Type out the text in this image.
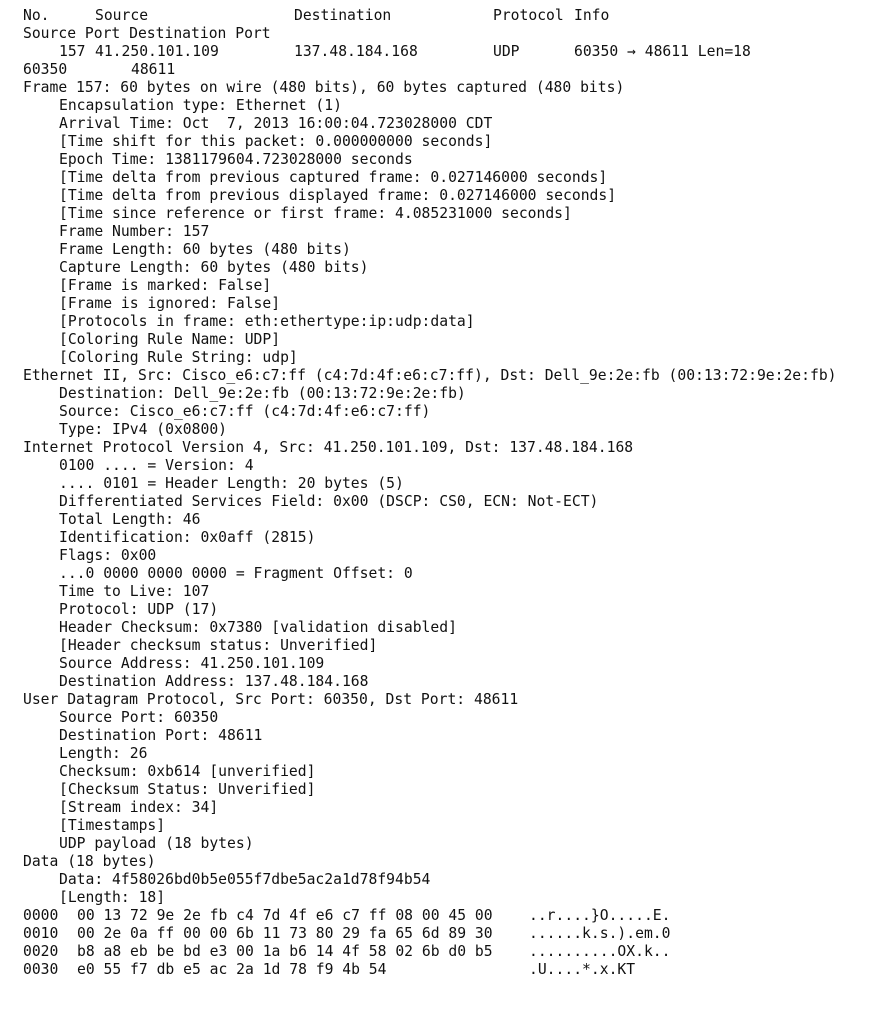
No.	Source	Destination	Protocol Info
Source Port Destination Port
157 41.250.101.109	137.48.184.168	UDP	60350 → 48611 Len=18
60350	48611
Frame 157: 60 bytes on wire (480 bits), 60 bytes captured (480 bits)
Encapsulation type: Ethernet (1)
Arrival Time: Oct  7, 2013 16:00:04.723028000 CDT
[Time shift for this packet: 0.000000000 seconds]
Epoch Time: 1381179604.723028000 seconds
[Time delta from previous captured frame: 0.027146000 seconds]
[Time delta from previous displayed frame: 0.027146000 seconds]
[Time since reference or first frame: 4.085231000 seconds]
Frame Number: 157
Frame Length: 60 bytes (480 bits)
Capture Length: 60 bytes (480 bits)
[Frame is marked: False]
[Frame is ignored: False]
[Protocols in frame: eth:ethertype:ip:udp:data]
[Coloring Rule Name: UDP]
[Coloring Rule String: udp]
Ethernet II, Src: Cisco_e6:c7:ff (c4:7d:4f:e6:c7:ff), Dst: Dell_9e:2e:fb (00:13:72:9e:2e:fb)
Destination: Dell_9e:2e:fb (00:13:72:9e:2e:fb)
Source: Cisco_e6:c7:ff (c4:7d:4f:e6:c7:ff)
Type: IPv4 (0x0800)
Internet Protocol Version 4, Src: 41.250.101.109, Dst: 137.48.184.168
0100 .... = Version: 4
.... 0101 = Header Length: 20 bytes (5)
Differentiated Services Field: 0x00 (DSCP: CS0, ECN: Not-ECT)
Total Length: 46
Identification: 0x0aff (2815)
Flags: 0x00
...0 0000 0000 0000 = Fragment Offset: 0
Time to Live: 107
Protocol: UDP (17)
Header Checksum: 0x7380 [validation disabled]
[Header checksum status: Unverified]
Source Address: 41.250.101.109
Destination Address: 137.48.184.168
User Datagram Protocol, Src Port: 60350, Dst Port: 48611
Source Port: 60350
Destination Port: 48611
Length: 26
Checksum: 0xb614 [unverified]
[Checksum Status: Unverified]
[Stream index: 34]
[Timestamps]
UDP payload (18 bytes)
Data (18 bytes)
Data: 4f58026bd0b5e055f7dbe5ac2a1d78f94b54
[Length: 18]
0000 00 13 72 9e 2e fb c4 7d 4f e6 c7 ff 08 00 45 00 ..r....}O.....E.
0010 00 2e 0a ff 00 00 6b 11 73 80 29 fa 65 6d 89 30 ......k.s.).em.0
0020 b8 a8 eb be bd e3 00 1a b6 14 4f 58 02 6b d0 b5 ..........OX.k..
0030 e0 55 f7 db e5 ac 2a 1d 78 f9 4b 54	.U....*.x.KT
